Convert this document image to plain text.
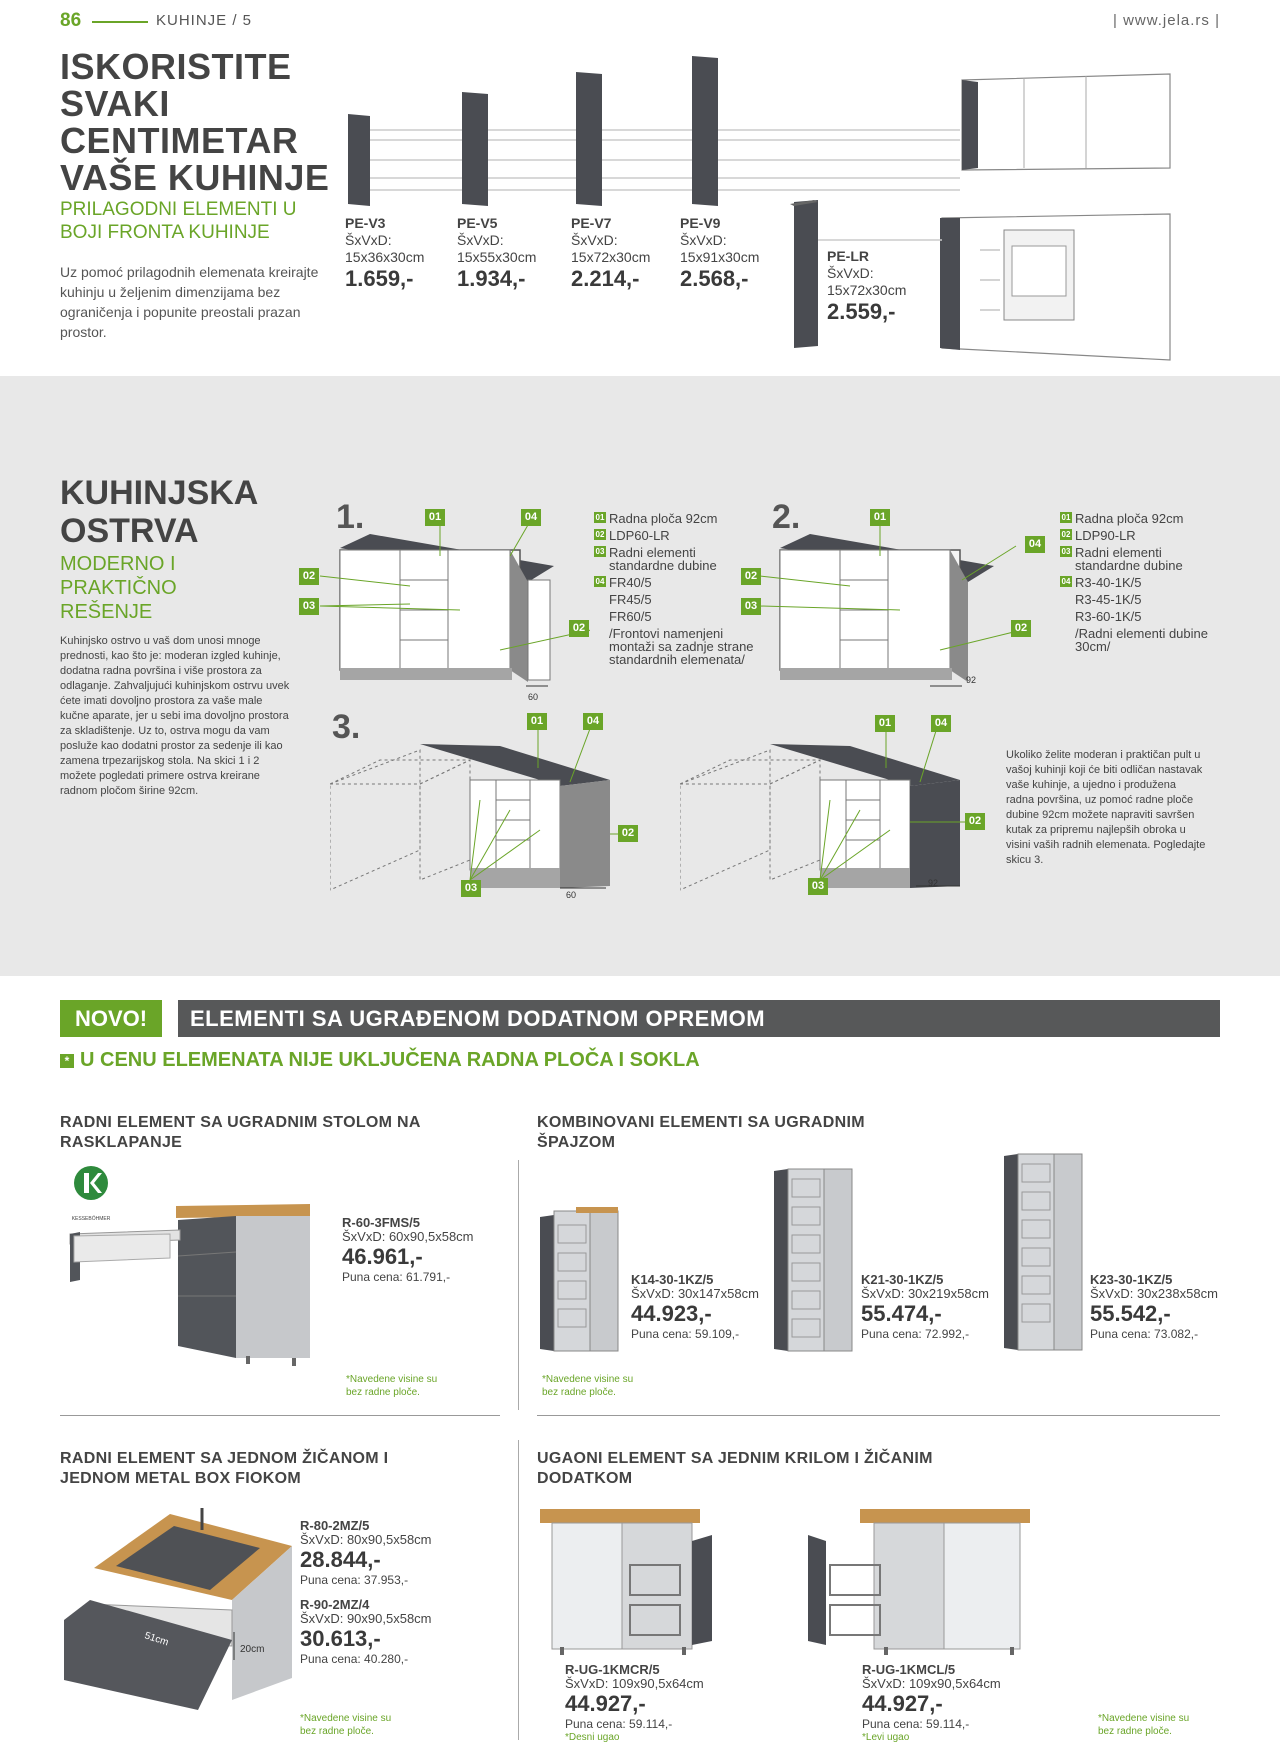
86	KUHINJE / 5	| www.jela.rs |
ISKORISTITE SVAKI CENTIMETAR VAŠE KUHINJE
PRILAGODNI ELEMENTI U BOJI FRONTA KUHINJE
Uz pomoć prilagodnih elemenata kreirajte kuhinju u željenim dimenzijama bez ograničenja i popunite preostali prazan prostor.
PE-V3
ŠxVxD:
15x36x30cm
1.659,-
PE-V5
ŠxVxD:
15x55x30cm
1.934,-
PE-V7
ŠxVxD:
15x72x30cm
2.214,-
PE-V9
ŠxVxD:
15x91x30cm
2.568,-
PE-LR
ŠxVxD:
15x72x30cm
2.559,-
KUHINJSKA OSTRVA
MODERNO I PRAKTIČNO REŠENJE
Kuhinjsko ostrvo u vaš dom unosi mnoge prednosti, kao što je: moderan izgled kuhinje, dodatna radna površina i više prostora za odlaganje. Zahvaljujući kuhinjskom ostrvu uvek ćete imati dovoljno prostora za vaše male kučne aparate, jer u sebi ima dovoljno prostora za skladištenje. Uz to, ostrva mogu da vam posluže kao dodatni prostor za sedenje ili kao zamena trpezarijskog stola. Na skici 1 i 2 možete pogledati primere ostrva kreirane radnom pločom širine 92cm.
Ukoliko želite moderan i praktičan pult u vašoj kuhinji koji će biti odličan nastavak vaše kuhinje, a ujedno i produžena radna površina, uz pomoć radne ploče dubine 92cm možete napraviti savršen kutak za pripremu najlepših obroka u visini vaših radnih elemenata. Pogledajte skicu 3.
1.	2.
3.
60
01	04
02
03
02
01 Radna ploča 92cm
02 LDP60-LR
03 Radni elementi standardne dubine
04 FR40/5
FR45/5
FR60/5
/Frontovi namenjeni montaži sa zadnje strane standardnih elemenata/
92
01
04
02
03
02
01 Radna ploča 92cm
02 LDP90-LR
03 Radni elementi standardne dubine
04 R3-40-1K/5
R3-45-1K/5
R3-60-1K/5
/Radni elementi dubine 30cm/
60
01	04
02
03	92
01	04
02
03
NOVO!	ELEMENTI SA UGRAĐENOM DODATNOM OPREMOM
* U CENU ELEMENATA NIJE UKLJUČENA RADNA PLOČA I SOKLA
RADNI ELEMENT SA UGRADNIM STOLOM NA RASKLAPANJE
KESSEBÖHMER	R-60-3FMS/5
ŠxVxD: 60x90,5x58cm
46.961,-
Puna cena: 61.791,-
*Navedene visine su bez radne ploče.
KOMBINOVANI ELEMENTI SA UGRADNIM ŠPAJZOM
K14-30-1KZ/5
ŠxVxD: 30x147x58cm
44.923,-
Puna cena: 59.109,-
K21-30-1KZ/5
ŠxVxD: 30x219x58cm
55.474,-
Puna cena: 72.992,-
K23-30-1KZ/5
ŠxVxD: 30x238x58cm
55.542,-
Puna cena: 73.082,-
*Navedene visine su bez radne ploče.
RADNI ELEMENT SA JEDNOM ŽIČANOM I JEDNOM METAL BOX FIOKOM
51cm
20cm
R-80-2MZ/5
ŠxVxD: 80x90,5x58cm
28.844,-
Puna cena: 37.953,-
R-90-2MZ/4
ŠxVxD: 90x90,5x58cm
30.613,-
Puna cena: 40.280,-
*Navedene visine su bez radne ploče.
UGAONI ELEMENT SA JEDNIM KRILOM I ŽIČANIM DODATKOM
R-UG-1KMCR/5
ŠxVxD: 109x90,5x64cm
44.927,-
Puna cena: 59.114,-
*Desni ugao
R-UG-1KMCL/5
ŠxVxD: 109x90,5x64cm
44.927,-
Puna cena: 59.114,-
*Levi ugao
*Navedene visine su bez radne ploče.
